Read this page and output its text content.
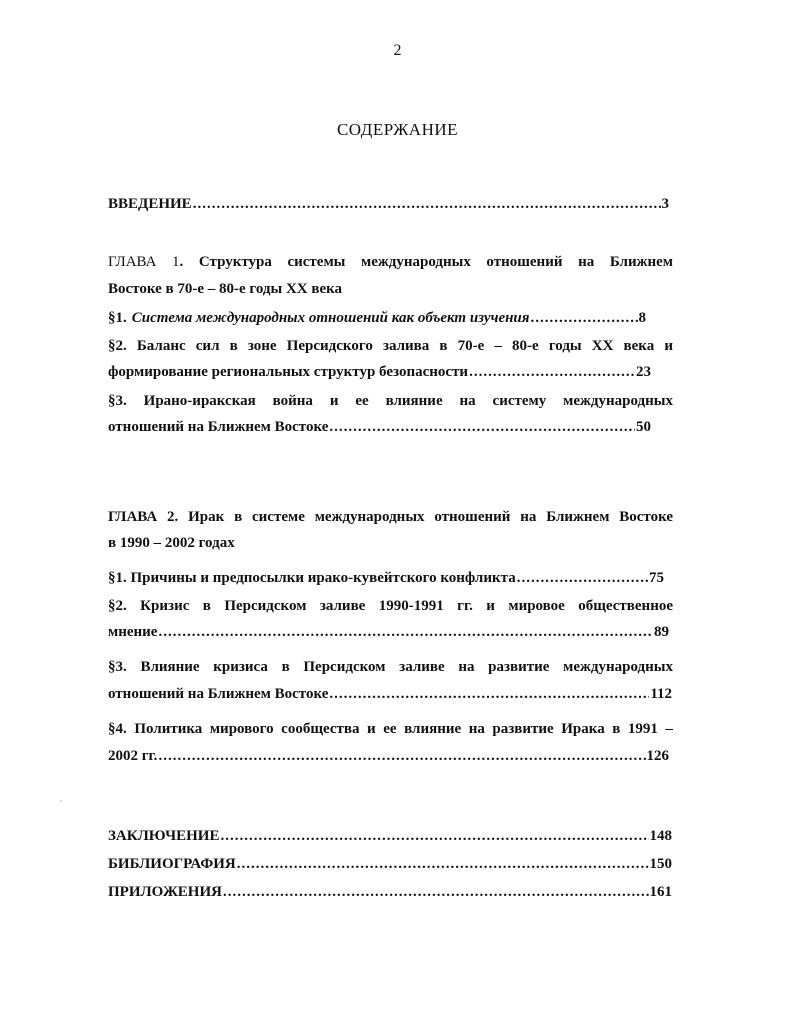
2
СОДЕРЖАНИЕ
ВВЕДЕНИЕ .....	3
ГЛАВА 1. Структура системы международных отношений на Ближнем
Востоке в 70-е – 80-е годы XX века
§1. Система международных отношений как объект изучения .....	8
§2. Баланс сил в зоне Персидского залива в 70-е – 80-е годы XX века и
формирование региональных структур безопасности .....	23
§3. Ирано-иракская война и ее влияние на систему международных
отношений на Ближнем Востоке .....	50
ГЛАВА 2. Ирак в системе международных отношений на Ближнем Востоке
в 1990 – 2002 годах
§1. Причины и предпосылки ирако-кувейтского конфликта .....	75
§2. Кризис в Персидском заливе 1990-1991 гг. и мировое общественное
мнение .....	89
§3. Влияние кризиса в Персидском заливе на развитие международных
отношений на Ближнем Востоке .....	112
§4. Политика мирового сообщества и ее влияние на развитие Ирака в 1991 –
2002 гг. .....	126
ЗАКЛЮЧЕНИЕ .....	148
БИБЛИОГРАФИЯ .....	150
ПРИЛОЖЕНИЯ .....	161
